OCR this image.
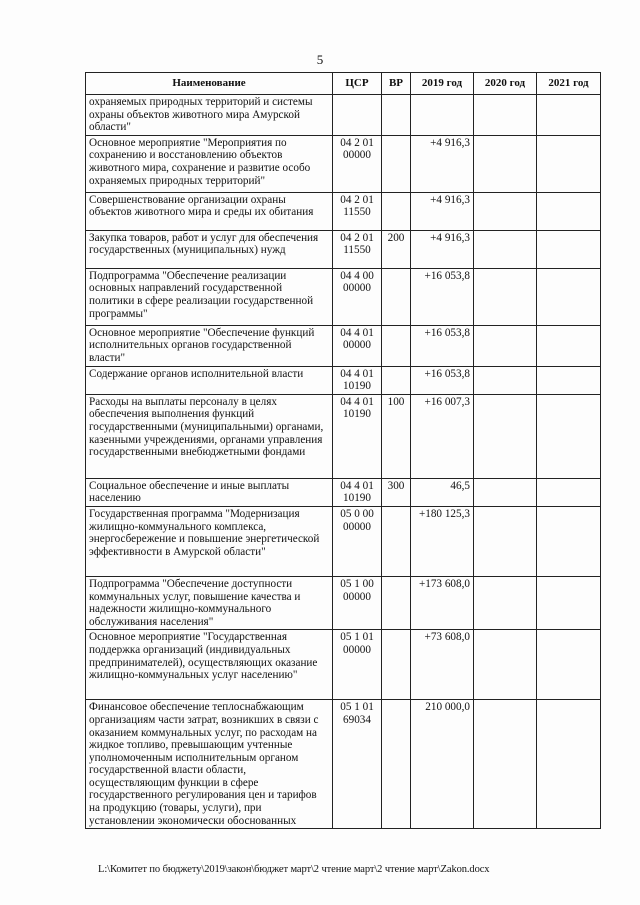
5
Наименование	ЦСР	ВР	2019 год	2020 год	2021 год
охраняемых природных территорий и системы охраны объектов животного мира Амурской области"					
Основное мероприятие "Мероприятия по сохранению и восстановлению объектов животного мира, сохранение и развитие особо охраняемых природных территорий"	04 2 01 00000		+4 916,3		
Совершенствование организации охраны объектов животного мира и среды их обитания	04 2 01 11550		+4 916,3		
Закупка товаров, работ и услуг для обеспечения государственных (муниципальных) нужд	04 2 01 11550	200	+4 916,3		
Подпрограмма "Обеспечение реализации основных направлений государственной политики в сфере реализации государственной программы"	04 4 00 00000		+16 053,8		
Основное мероприятие "Обеспечение функций исполнительных органов государственной власти"	04 4 01 00000		+16 053,8		
Содержание органов исполнительной власти	04 4 01 10190		+16 053,8		
Расходы на выплаты персоналу в целях обеспечения выполнения функций государственными (муниципальными) органами, казенными учреждениями, органами управления государственными внебюджетными фондами	04 4 01 10190	100	+16 007,3		
Социальное обеспечение и иные выплаты населению	04 4 01 10190	300	46,5		
Государственная программа "Модернизация жилищно-коммунального комплекса, энергосбережение и повышение энергетической эффективности в Амурской области"	05 0 00 00000		+180 125,3		
Подпрограмма "Обеспечение доступности коммунальных услуг, повышение качества и надежности жилищно-коммунального обслуживания населения"	05 1 00 00000		+173 608,0		
Основное мероприятие "Государственная поддержка организаций (индивидуальных предпринимателей), осуществляющих оказание жилищно-коммунальных услуг населению"	05 1 01 00000		+73 608,0		
Финансовое обеспечение теплоснабжающим организациям части затрат, возникших в связи с оказанием коммунальных услуг, по расходам на жидкое топливо, превышающим учтенные уполномоченным исполнительным органом государственной власти области, осуществляющим функции в сфере государственного регулирования цен и тарифов на продукцию (товары, услуги), при установлении экономически обоснованных	05 1 01 69034		210 000,0		
L:\Комитет по бюджету\2019\закон\бюджет март\2 чтение март\2 чтение март\Zakon.docx
